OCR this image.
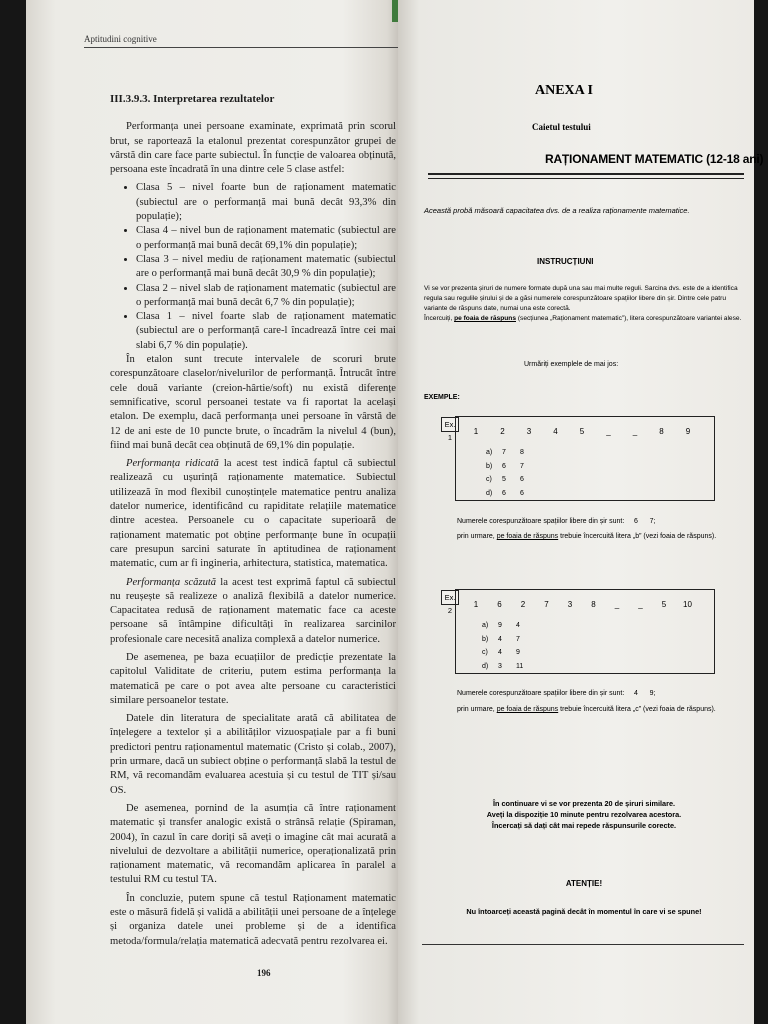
Aptitudini cognitive
III.3.9.3. Interpretarea rezultatelor

Performanța unei persoane examinate, exprimată prin scorul brut, se raportează la etalonul prezentat corespunzător grupei de vârstă din care face parte subiectul. În funcție de valoarea obținută, persoana este încadrată în una dintre cele 5 clase astfel:

• Clasa 5 – nivel foarte bun de raționament matematic (subiectul are o performanță mai bună decât 93,3% din populație);
• Clasa 4 – nivel bun de raționament matematic (subiectul are o performanță mai bună decât 69,1% din populație);
• Clasa 3 – nivel mediu de raționament matematic (subiectul are o performanță mai bună decât 30,9 % din populație);
• Clasa 2 – nivel slab de raționament matematic (subiectul are o performanță mai bună decât 6,7 % din populație);
• Clasa 1 – nivel foarte slab de raționament matematic (subiectul are o performanță care-l încadrează între cei mai slabi 6,7 % din populație).

În etalon sunt trecute intervalele de scoruri brute corespunzătoare claselor/nivelurilor de performanță. Întrucât între cele două variante (creion-hârtie/soft) nu există diferențe semnificative, scorul persoanei testate va fi raportat la același etalon. De exemplu, dacă performanța unei persoane în vârstă de 12 de ani este de 10 puncte brute, o încadrăm la nivelul 4 (bun), fiind mai bună decât cea obținută de 69,1% din populație.

Performanța ridicată la acest test indică faptul că subiectul realizează cu ușurință raționamente matematice. Subiectul utilizează în mod flexibil cunoștințele matematice pentru analiza datelor numerice, identificând cu rapiditate relațiile matematice dintre acestea. Persoanele cu o capacitate superioară de raționament matematic pot obține performanțe bune în ocupații care presupun sarcini saturate în aptitudinea de raționament matematic, cum ar fi ingineria, arhitectura, statistica, matematica.

Performanța scăzută la acest test exprimă faptul că subiectul nu reușește să realizeze o analiză flexibilă a datelor numerice. Capacitatea redusă de raționament matematic face ca aceste persoane să întâmpine dificultăți în realizarea sarcinilor profesionale care necesită analiza complexă a datelor numerice.

De asemenea, pe baza ecuațiilor de predicție prezentate la capitolul Validitate de criteriu, putem estima performanța la matematică pe care o pot avea alte persoane cu caracteristici similare persoanelor testate.

Datele din literatura de specialitate arată că abilitatea de înțelegere a textelor și a abilităților vizuospațiale par a fi buni predictori pentru raționamentul matematic (Cristo și colab., 2007), prin urmare, dacă un subiect obține o performanță slabă la testul de RM, vă recomandăm evaluarea acestuia și cu testul de TIT și/sau OS.

De asemenea, pornind de la asumția că între raționament matematic și transfer analogic există o strânsă relație (Spiraman, 2004), în cazul în care doriți să aveți o imagine cât mai acurată a nivelului de dezvoltare a abilității numerice, operaționalizată prin raționament matematic, vă recomandăm aplicarea în paralel a testului RM cu testul TA.

În concluzie, putem spune că testul Raționament matematic este o măsură fidelă și validă a abilității unei persoane de a înțelege și organiza datele unei probleme și de a identifica metoda/formula/relația matematică adecvată pentru rezolvarea ei.

196
ANEXA I
Caietul testului
RAȚIONAMENT MATEMATIC (12-18 ani)
Această probă măsoară capacitatea dvs. de a realiza raționamente matematice.
INSTRUCȚIUNI
Vi se vor prezenta șiruri de numere formate după una sau mai multe reguli. Sarcina dvs. este de a identifica regula sau regulile șirului și de a găsi numerele corespunzătoare spațiilor libere din șir. Dintre cele patru variante de răspuns date, numai una este corectă.
Încercuiți, pe foaia de răspuns (secțiunea „Raționament matematic”), litera corespunzătoare variantei alese.
Urmăriți exemplele de mai jos:
EXEMPLE:
Ex. 1
1	2	3	4	5	_	_	8	9
a) 7 8
b) 6 7
c) 5 6
d) 6 6
Numerele corespunzătoare spațiilor libere din șir sunt: 6 7;
prin urmare, pe foaia de răspuns trebuie încercuită litera „b” (vezi foaia de răspuns).
Ex. 2
1	6	2	7	3	8	_	_	5	10
a) 9 4
b) 4 7
c) 4 9
d) 3 11
Numerele corespunzătoare spațiilor libere din șir sunt: 4 9;
prin urmare, pe foaia de răspuns trebuie încercuită litera „c” (vezi foaia de răspuns).
În continuare vi se vor prezenta 20 de șiruri similare.
Aveți la dispoziție 10 minute pentru rezolvarea acestora.
Încercați să dați cât mai repede răspunsurile corecte.
ATENȚIE!
Nu întoarceți această pagină decât în momentul în care vi se spune!
